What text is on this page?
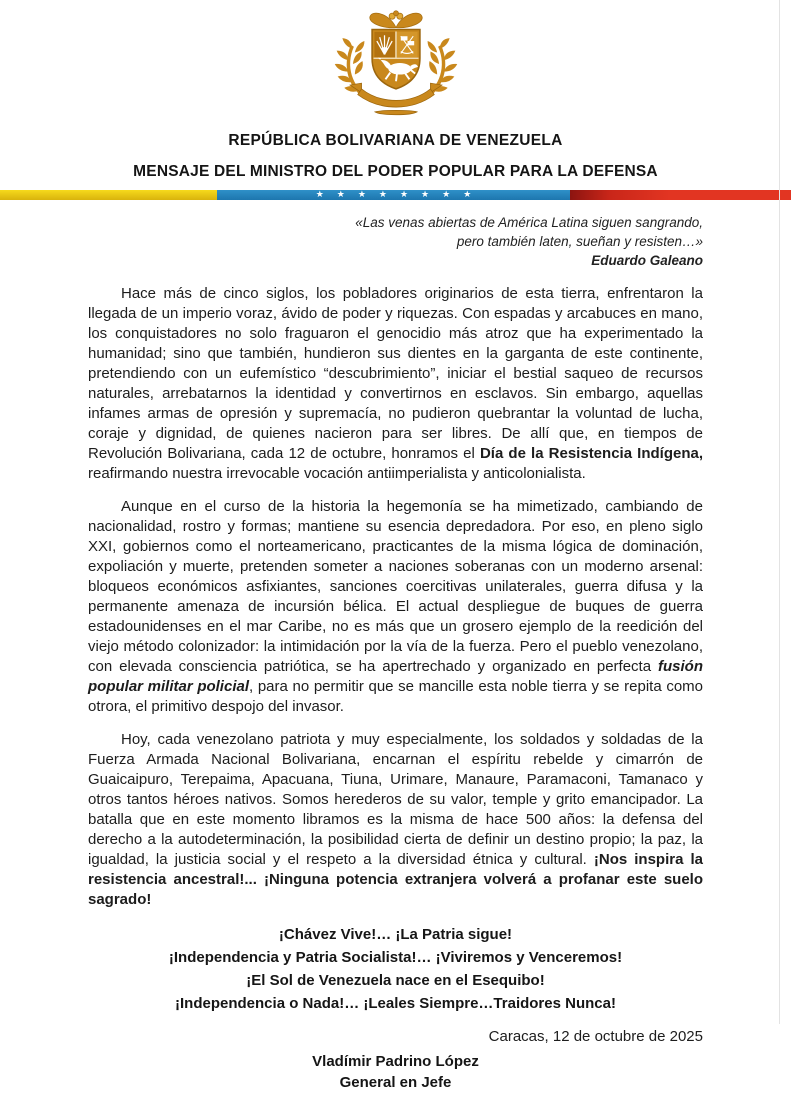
REPÚBLICA BOLIVARIANA DE VENEZUELA
MENSAJE DEL MINISTRO DEL PODER POPULAR PARA LA DEFENSA
★★★★★★★★
«Las venas abiertas de América Latina siguen sangrando,
pero también laten, sueñan y resisten…»
Eduardo Galeano

Hace más de cinco siglos, los pobladores originarios de esta tierra, enfrentaron la llegada de un imperio voraz, ávido de poder y riquezas. Con espadas y arcabuces en mano, los conquistadores no solo fraguaron el genocidio más atroz que ha experimentado la humanidad; sino que también, hundieron sus dientes en la garganta de este continente, pretendiendo con un eufemístico “descubrimiento”, iniciar el bestial saqueo de recursos naturales, arrebatarnos la identidad y convertirnos en esclavos. Sin embargo, aquellas infames armas de opresión y supremacía, no pudieron quebrantar la voluntad de lucha, coraje y dignidad, de quienes nacieron para ser libres. De allí que, en tiempos de Revolución Bolivariana, cada 12 de octubre, honramos el Día de la Resistencia Indígena, reafirmando nuestra irrevocable vocación antiimperialista y anticolonialista.

Aunque en el curso de la historia la hegemonía se ha mimetizado, cambiando de nacionalidad, rostro y formas; mantiene su esencia depredadora. Por eso, en pleno siglo XXI, gobiernos como el norteamericano, practicantes de la misma lógica de dominación, expoliación y muerte, pretenden someter a naciones soberanas con un moderno arsenal: bloqueos económicos asfixiantes, sanciones coercitivas unilaterales, guerra difusa y la permanente amenaza de incursión bélica. El actual despliegue de buques de guerra estadounidenses en el mar Caribe, no es más que un grosero ejemplo de la reedición del viejo método colonizador: la intimidación por la vía de la fuerza. Pero el pueblo venezolano, con elevada consciencia patriótica, se ha apertrechado y organizado en perfecta fusión popular militar policial, para no permitir que se mancille esta noble tierra y se repita como otrora, el primitivo despojo del invasor.

Hoy, cada venezolano patriota y muy especialmente, los soldados y soldadas de la Fuerza Armada Nacional Bolivariana, encarnan el espíritu rebelde y cimarrón de Guaicaipuro, Terepaima, Apacuana, Tiuna, Urimare, Manaure, Paramaconi, Tamanaco y otros tantos héroes nativos. Somos herederos de su valor, temple y grito emancipador. La batalla que en este momento libramos es la misma de hace 500 años: la defensa del derecho a la autodeterminación, la posibilidad cierta de definir un destino propio; la paz, la igualdad, la justicia social y el respeto a la diversidad étnica y cultural. ¡Nos inspira la resistencia ancestral!... ¡Ninguna potencia extranjera volverá a profanar este suelo sagrado!

¡Chávez Vive!… ¡La Patria sigue!
¡Independencia y Patria Socialista!… ¡Viviremos y Venceremos!
¡El Sol de Venezuela nace en el Esequibo!
¡Independencia o Nada!… ¡Leales Siempre…Traidores Nunca!
Caracas, 12 de octubre de 2025
Vladímir Padrino López
General en Jefe
